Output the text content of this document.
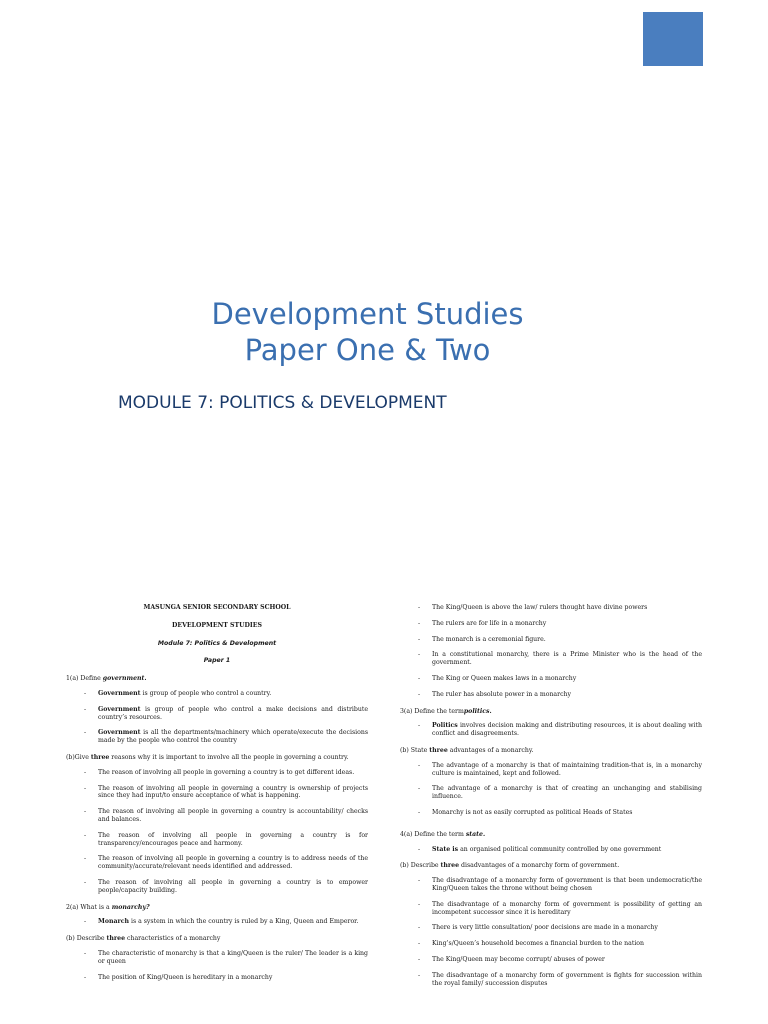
Development Studies
Paper One & Two
MODULE 7: POLITICS & DEVELOPMENT
MASUNGA SENIOR SECONDARY SCHOOL
DEVELOPMENT STUDIES
Module 7: Politics & Development
Paper 1
1(a) Define government.
- Government is group of people who control a country.
- Government is group of people who control a make decisions and distribute country’s resources.
- Government is all the departments/machinery which operate/execute the decisions made by the people who control the country
(b)Give three reasons why it is important to involve all the people in governing a country.
- The reason of involving all people in governing a country is to get different ideas.
- The reason of involving all people in governing a country is ownership of projects since they had input/to ensure acceptance of what is happening.
- The reason of involving all people in governing a country is accountability/ checks and balances.
- The reason of involving all people in governing a country is for transparency/encourages peace and harmony.
- The reason of involving all people in governing a country is to address needs of the community/accurate/relevant needs identified and addressed.
- The reason of involving all people in governing a country is to empower people/capacity building.
2(a) What is a monarchy?
- Monarch is a system in which the country is ruled by a King, Queen and Emperor.
(b) Describe three characteristics of a monarchy
- The characteristic of monarchy is that a king/Queen is the ruler/ The leader is a king or queen
- The position of King/Queen is hereditary in a monarchy
- The King/Queen is above the law/ rulers thought have divine powers
- The rulers are for life in a monarchy
- The monarch is a ceremonial figure.
- In a constitutional monarchy, there is a Prime Minister who is the head of the government.
- The King or Queen makes laws in a monarchy
- The ruler has absolute power in a monarchy
3(a) Define the termpolitics.
- Politics involves decision making and distributing resources, it is about dealing with conflict and disagreements.
(b) State three advantages of a monarchy.
- The advantage of a monarchy is that of maintaining tradition-that is, in a monarchy culture is maintained, kept and followed.
- The advantage of a monarchy is that of creating an unchanging and stabilising influence.
- Monarchy is not as easily corrupted as political Heads of States
4(a) Define the term state.
- State is an organised political community controlled by one government
(b) Describe three disadvantages of a monarchy form of government.
- The disadvantage of a monarchy form of government is that been undemocratic/the King/Queen takes the throne without being chosen
- The disadvantage of a monarchy form of government is possibility of getting an incompetent successor since it is hereditary
- There is very little consultation/ poor decisions are made in a monarchy
- King’s/Queen’s household becomes a financial burden to the nation
- The King/Queen may become corrupt/ abuses of power
- The disadvantage of a monarchy form of government is fights for succession within the royal family/ succession disputes
